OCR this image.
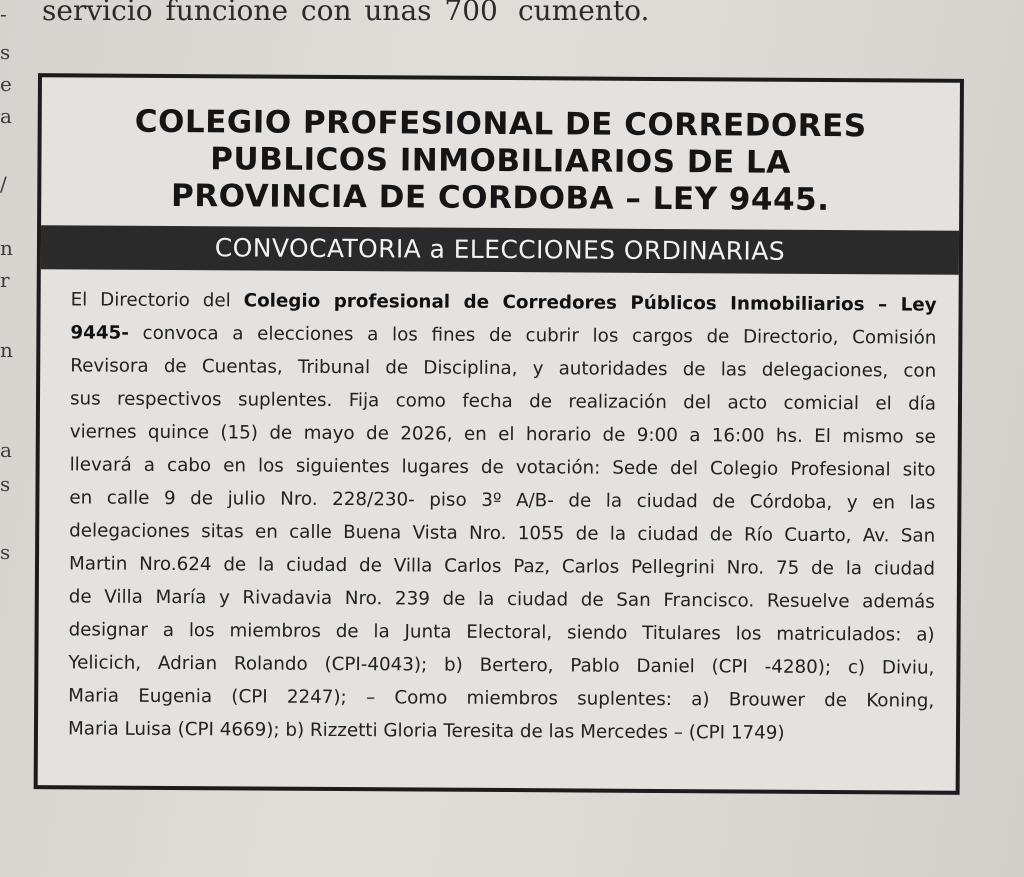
servicio funcione con unas 700 cumento.
-
s
e
a
/
n
r
n
a
s
s
COLEGIO PROFESIONAL DE CORREDORES
PUBLICOS INMOBILIARIOS DE LA
PROVINCIA DE CORDOBA – LEY 9445.
CONVOCATORIA a ELECCIONES ORDINARIAS
El Directorio del Colegio profesional de Corredores Públicos Inmobiliarios – Ley
9445- convoca a elecciones a los fines de cubrir los cargos de Directorio, Comisión
Revisora de Cuentas, Tribunal de Disciplina, y autoridades de las delegaciones, con
sus respectivos suplentes. Fija como fecha de realización del acto comicial el día
viernes quince (15) de mayo de 2026, en el horario de 9:00 a 16:00 hs. El mismo se
llevará a cabo en los siguientes lugares de votación: Sede del Colegio Profesional sito
en calle 9 de julio Nro. 228/230- piso 3º A/B- de la ciudad de Córdoba, y en las
delegaciones sitas en calle Buena Vista Nro. 1055 de la ciudad de Río Cuarto, Av. San
Martin Nro.624 de la ciudad de Villa Carlos Paz, Carlos Pellegrini Nro. 75 de la ciudad
de Villa María y Rivadavia Nro. 239 de la ciudad de San Francisco. Resuelve además
designar a los miembros de la Junta Electoral, siendo Titulares los matriculados: a)
Yelicich, Adrian Rolando (CPI-4043); b) Bertero, Pablo Daniel (CPI -4280); c) Diviu,
Maria Eugenia (CPI 2247); – Como miembros suplentes: a) Brouwer de Koning,
Maria Luisa (CPI 4669); b) Rizzetti Gloria Teresita de las Mercedes – (CPI 1749)
